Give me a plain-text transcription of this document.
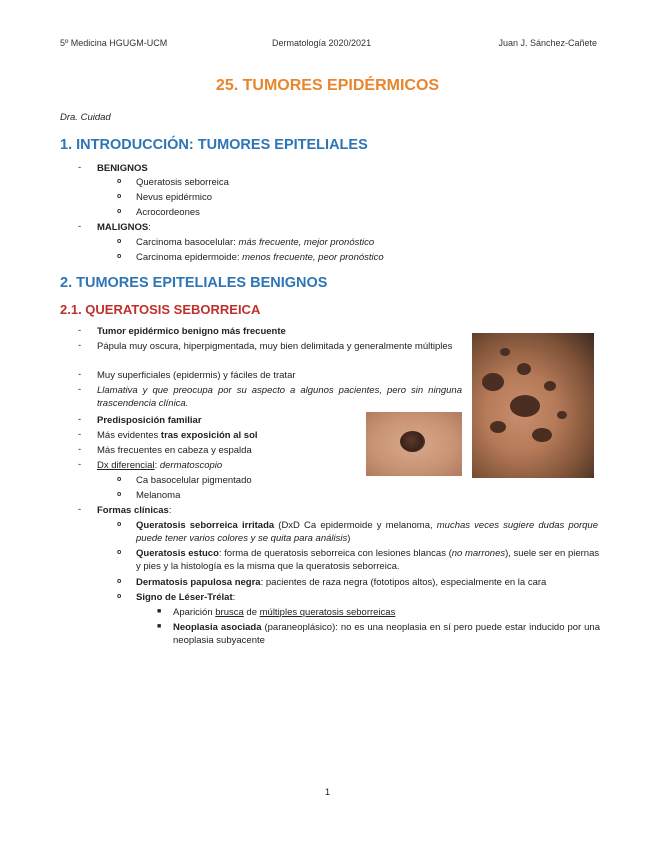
5º Medicina HGUGM-UCM	Dermatología 2020/2021	Juan J. Sánchez-Cañete
25. TUMORES EPIDÉRMICOS
Dra. Cuidad
1. INTRODUCCIÓN: TUMORES EPITELIALES
- BENIGNOS
o Queratosis seborreica
o Nevus epidérmico
o Acrocordeones
- MALIGNOS:
o Carcinoma basocelular: más frecuente, mejor pronóstico
o Carcinoma epidermoide: menos frecuente, peor pronóstico
2. TUMORES EPITELIALES BENIGNOS
2.1. QUERATOSIS SEBORREICA
- Tumor epidérmico benigno más frecuente
- Pápula muy oscura, hiperpigmentada, muy bien delimitada y generalmente múltiples
- Muy superficiales (epidermis) y fáciles de tratar
- Llamativa y que preocupa por su aspecto a algunos pacientes, pero sin ninguna trascendencia clínica.
- Predisposición familiar
- Más evidentes tras exposición al sol
- Más frecuentes en cabeza y espalda
- Dx diferencial: dermatoscopio
o Ca basocelular pigmentado
o Melanoma
- Formas clínicas:
o Queratosis seborreica irritada (DxD Ca epidermoide y melanoma, muchas veces sugiere dudas porque puede tener varios colores y se quita para análisis)
o Queratosis estuco: forma de queratosis seborreica con lesiones blancas (no marrones), suele ser en piernas y pies y la histología es la misma que la queratosis seborreica.
o Dermatosis papulosa negra: pacientes de raza negra (fototipos altos), especialmente en la cara
o Signo de Léser-Trélat:
■ Aparición brusca de múltiples queratosis seborreicas
■ Neoplasia asociada (paraneoplásico): no es una neoplasia en sí pero puede estar inducido por una neoplasia subyacente
1
